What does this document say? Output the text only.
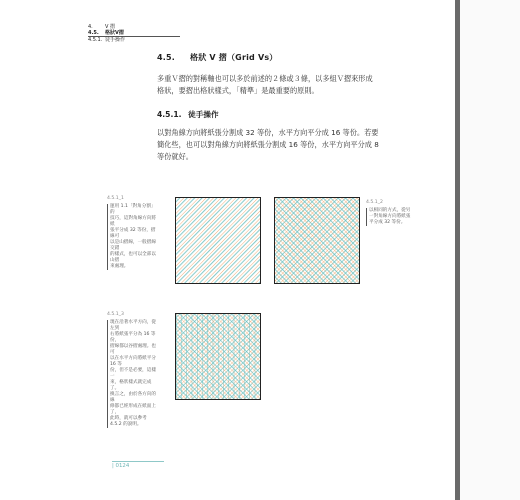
4. V 摺
4.5. 格狀V摺
4.5.1. 徒手操作
4.5. 格狀 V 摺（Grid Vs）
多重Ｖ摺的對稱軸也可以多於前述的２條或３條，以多組Ｖ摺來形成
格狀，要摺出格狀樣式，「精準」是最重要的原則。
4.5.1. 徒手操作
以對角線方向將紙張分割成 32 等份，水平方向平分成 16 等份。若要
簡化些，也可以對角線方向將紙張分割成 16 等份，水平方向平分成 8
等份就好。
4.5.1_1
運用 1.1「對角分割」的
技巧，這對角線方向將紙
張平分成 32 等份，摺線可
以是山摺線，一般摺線交錯
的樣式，也可以全部以山摺
來處理。
4.5.1_2
以相同的方式，從另
一對角線方向將紙張
平分成 32 等份。
4.5.1_3
現在沿著水平方向，從左到
右將紙張平分為 16 等份，
摺線都以谷摺處理。也可
以在水平方向將紙平分 16 等
份，但不是必要，這樣一
來，格狀樣式就完成了。
換言之，由於各方向的線
條都已經形成在紙面上了，
此時，就可以參考 4.5.2 的說明。
| 0124
